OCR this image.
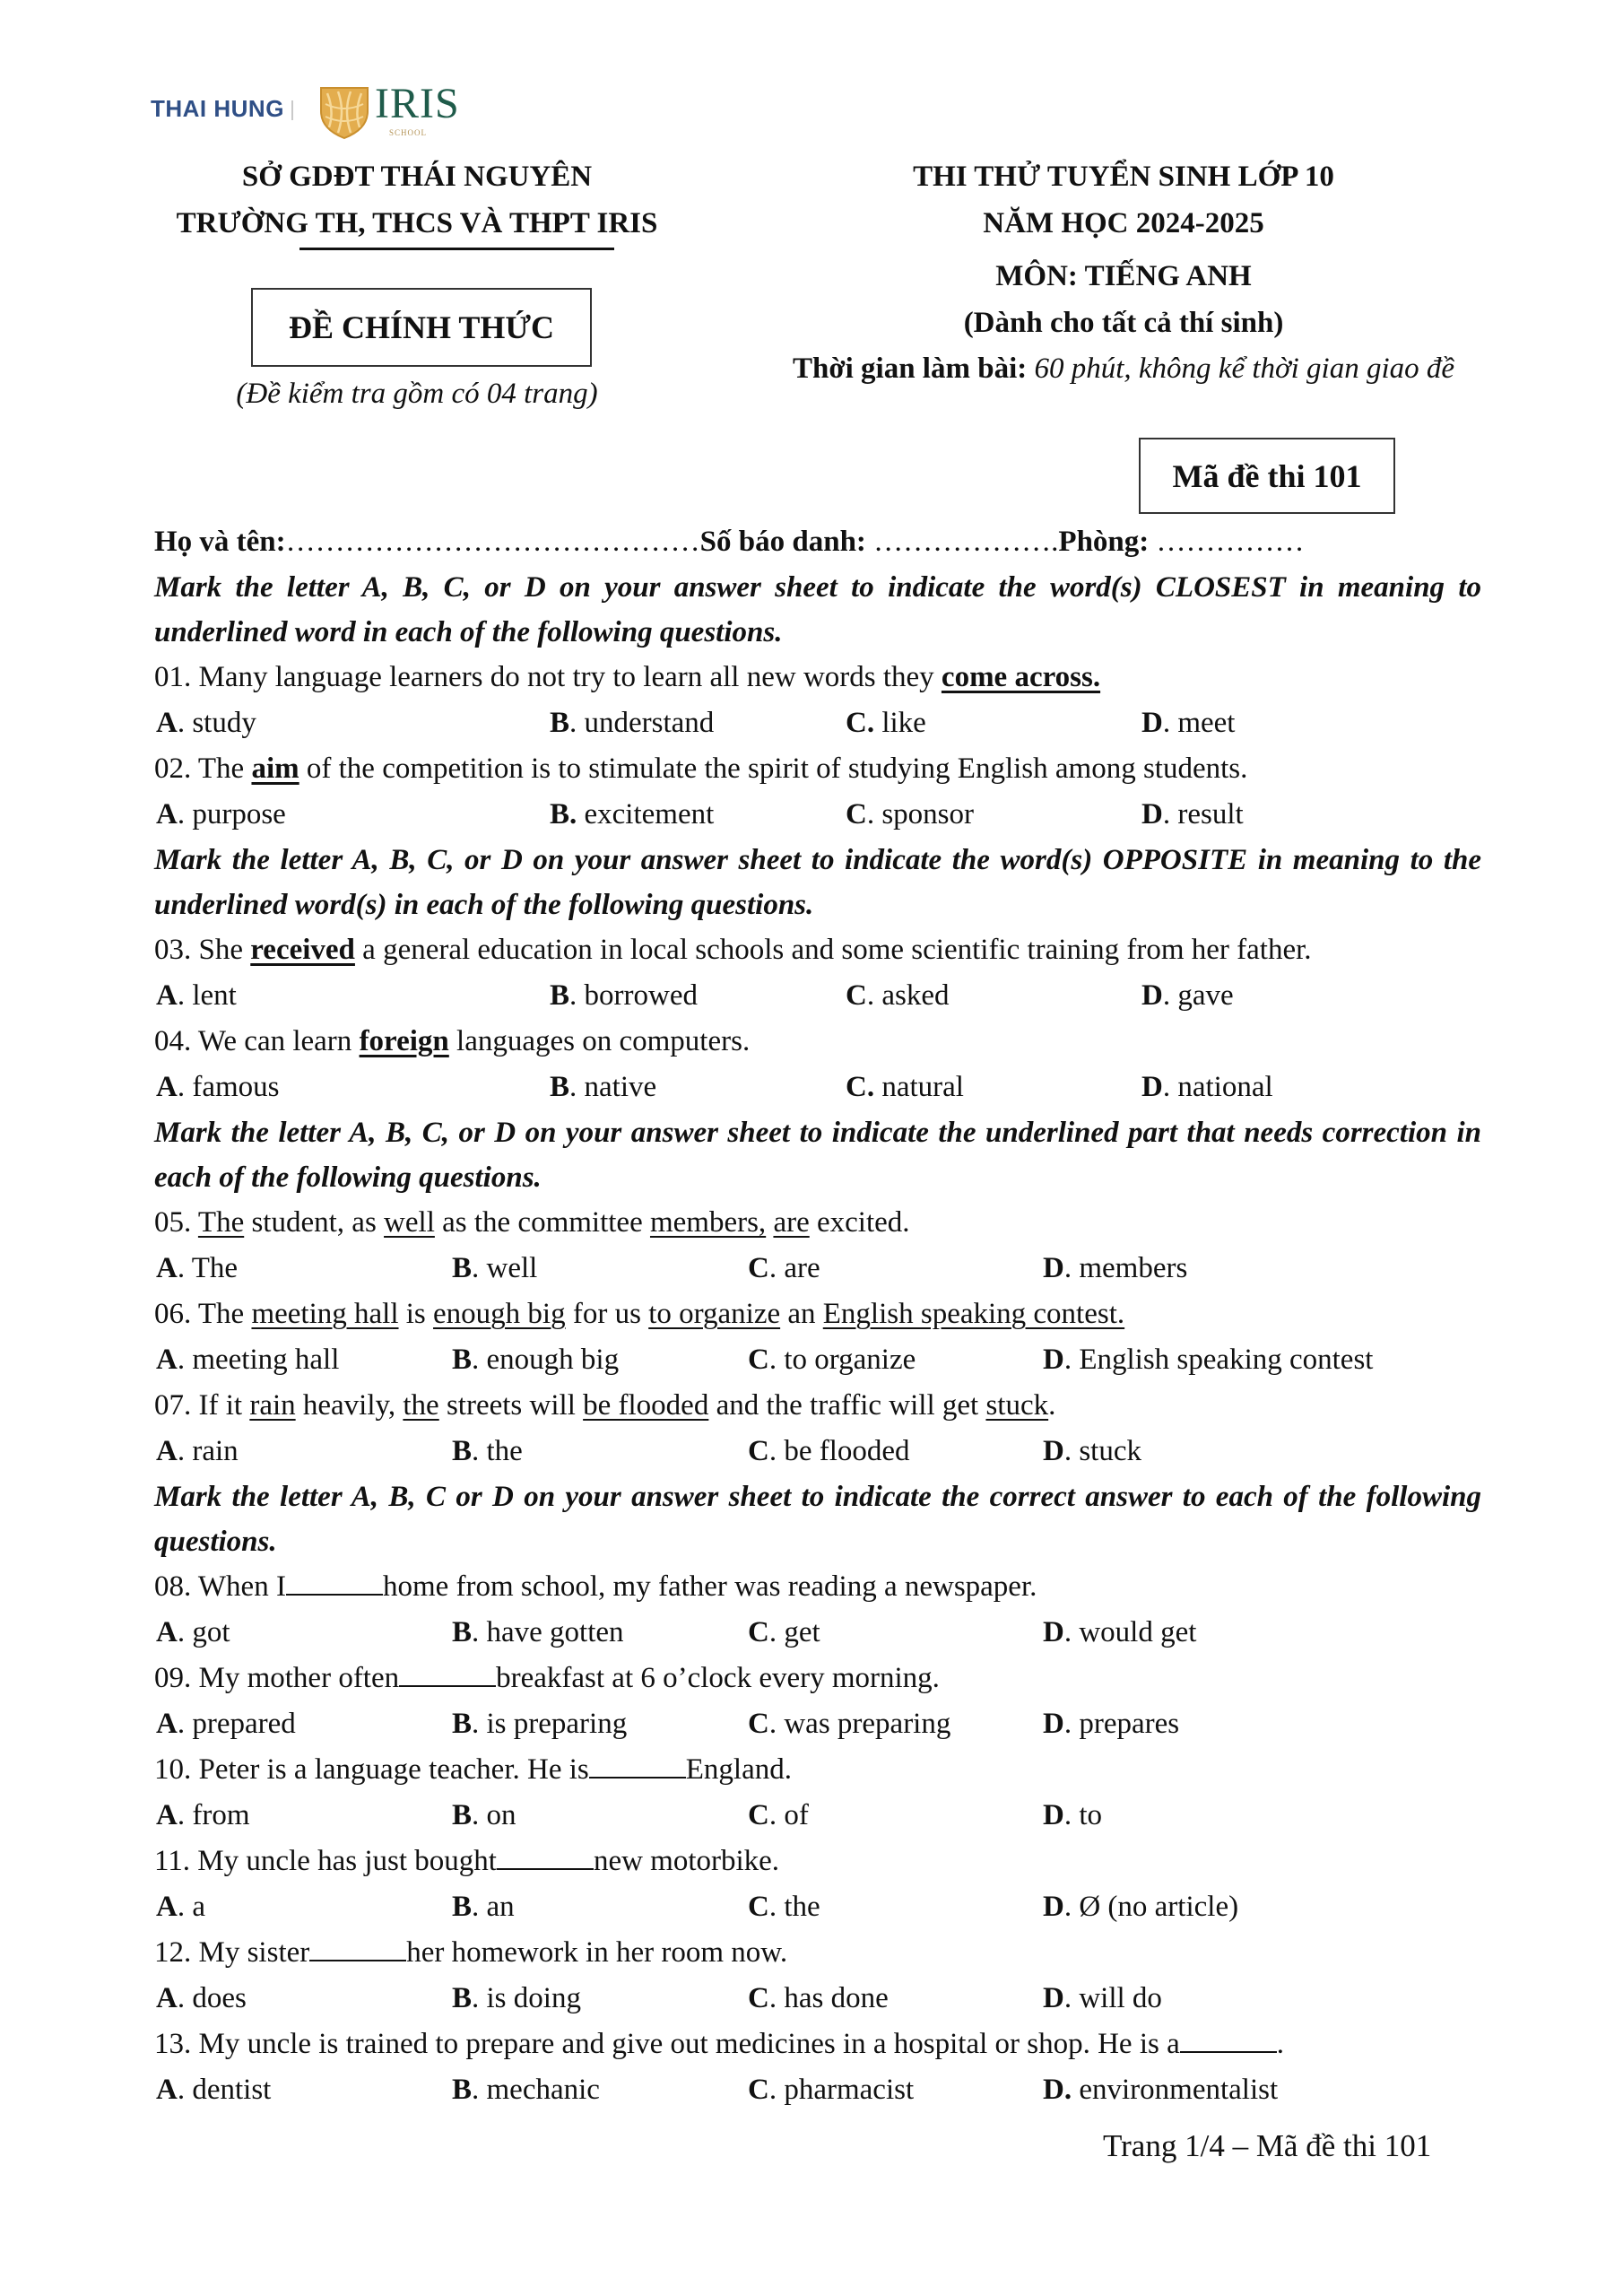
THAI HUNG IRIS
SCHOOL
SỞ GDĐT THÁI NGUYÊN
TRƯỜNG TH, THCS VÀ THPT IRIS
ĐỀ CHÍNH THỨC
(Đề kiểm tra gồm có 04 trang)
THI THỬ TUYỂN SINH LỚP 10
NĂM HỌC 2024-2025
MÔN: TIẾNG ANH
(Dành cho tất cả thí sinh)
Thời gian làm bài: 60 phút, không kể thời gian giao đề
Mã đề thi 101
Họ và tên:……………………………………Số báo danh: ……………….Phòng: ……………
Mark the letter A, B, C, or D on your answer sheet to indicate the word(s) CLOSEST in meaning to underlined word in each of the following questions.
01. Many language learners do not try to learn all new words they come across.
A. study	B. understand	C. like	D. meet
02. The aim of the competition is to stimulate the spirit of studying English among students.
A. purpose	B. excitement	C. sponsor	D. result
Mark the letter A, B, C, or D on your answer sheet to indicate the word(s) OPPOSITE in meaning to the underlined word(s) in each of the following questions.
03. She received a general education in local schools and some scientific training from her father.
A. lent	B. borrowed	C. asked	D. gave
04. We can learn foreign languages on computers.
A. famous	B. native	C. natural	D. national
Mark the letter A, B, C, or D on your answer sheet to indicate the underlined part that needs correction in each of the following questions.
05. The student, as well as the committee members, are excited.
A. The	B. well	C. are	D. members
06. The meeting hall is enough big for us to organize an English speaking contest.
A. meeting hall	B. enough big	C. to organize	D. English speaking contest
07. If it rain heavily, the streets will be flooded and the traffic will get stuck.
A. rain	B. the	C. be flooded	D. stuck
Mark the letter A, B, C or D on your answer sheet to indicate the correct answer to each of the following questions.
08. When I	home from school, my father was reading a newspaper.
A. got	B. have gotten	C. get	D. would get
09. My mother often	breakfast at 6 o’clock every morning.
A. prepared	B. is preparing	C. was preparing	D. prepares
10. Peter is a language teacher. He is	England.
A. from	B. on	C. of	D. to
11. My uncle has just bought	new motorbike.
A. a	B. an	C. the	D. Ø (no article)
12. My sister	her homework in her room now.
A. does	B. is doing	C. has done	D. will do
13. My uncle is trained to prepare and give out medicines in a hospital or shop. He is a	.
A. dentist	B. mechanic	C. pharmacist	D. environmentalist
Trang 1/4 – Mã đề thi 101
